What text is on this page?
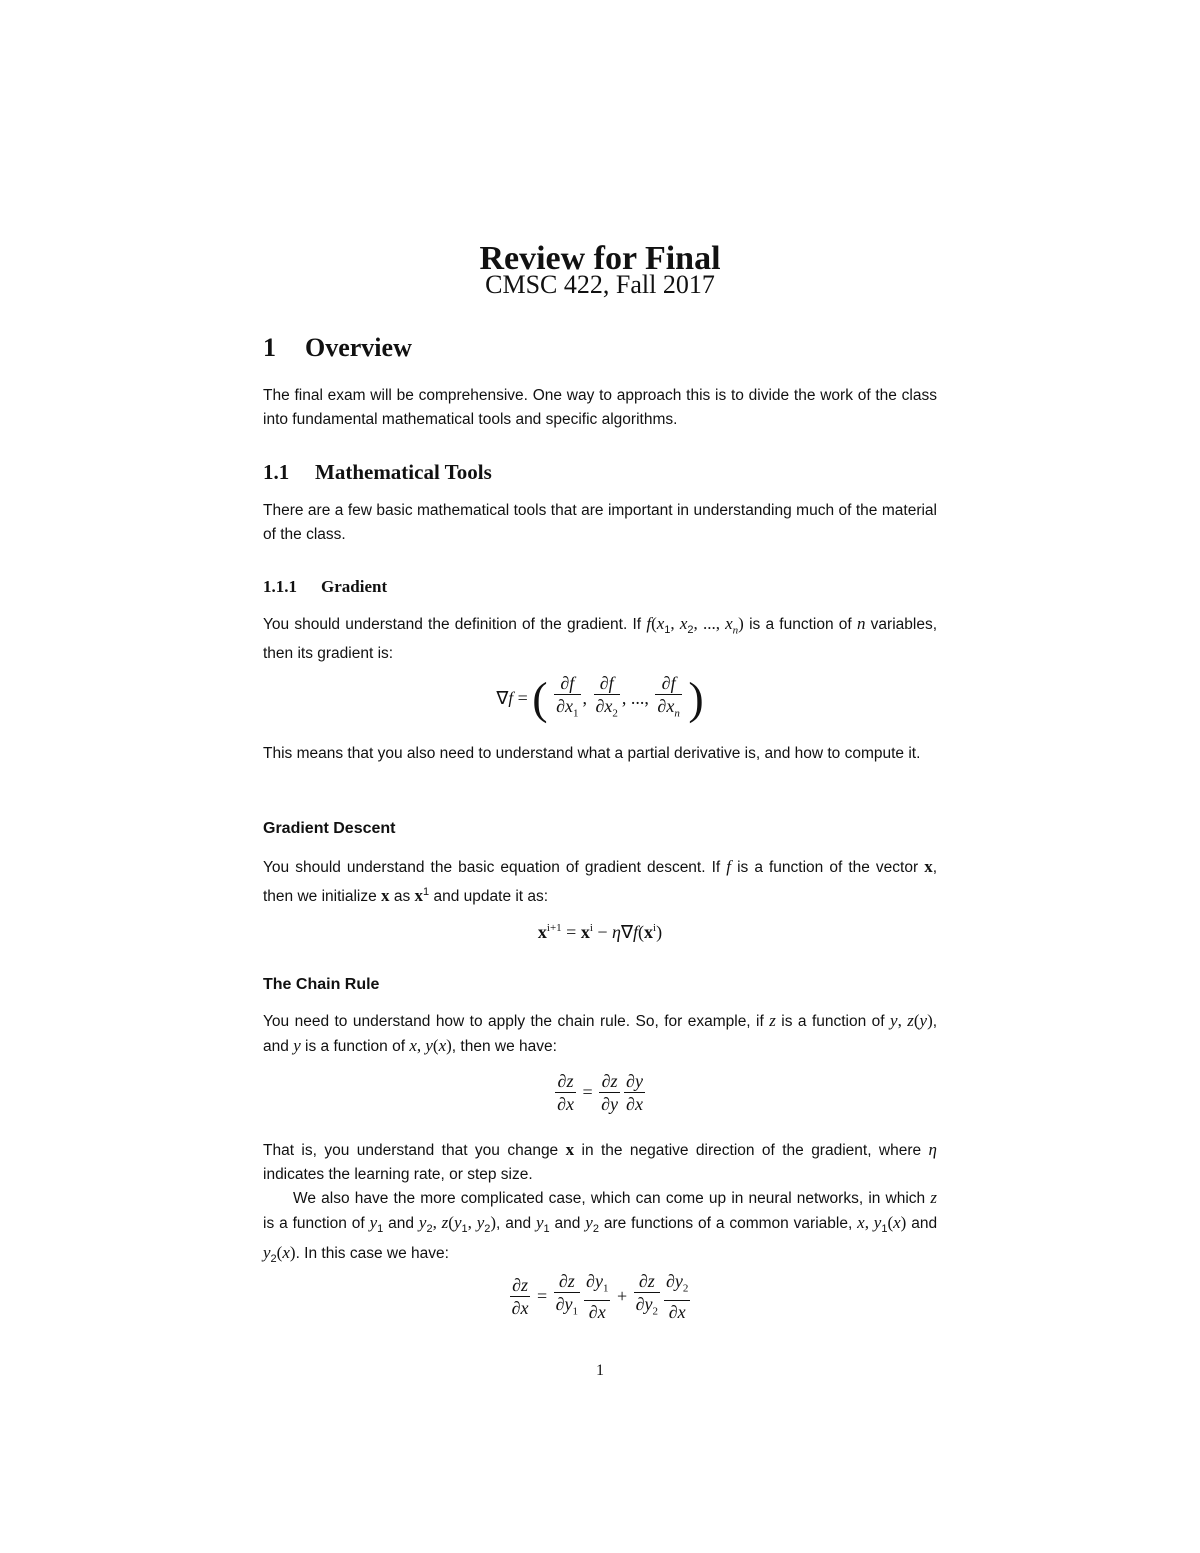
Review for Final
CMSC 422, Fall 2017
1 Overview
The final exam will be comprehensive. One way to approach this is to divide the work of the class into fundamental mathematical tools and specific algorithms.
1.1 Mathematical Tools
There are a few basic mathematical tools that are important in understanding much of the material of the class.
1.1.1 Gradient
You should understand the definition of the gradient. If $f(x_1$, $x_2$, ..., $x_n$) is a function of n variables, then its gradient is:
∇f = ( $\frac{\partial f}{\partial x_1}$ , $\frac{\partial f}{\partial x_2}$ , ..., $\frac{\partial f}{\partial x_n}$ )
This means that you also need to understand what a partial derivative is, and how to compute it.
Gradient Descent
You should understand the basic equation of gradient descent. If f is a function of the vector x, then we initialize x as $x^1$ and update it as:
$x^{i+1} = x^i - \eta\nabla f(x^i)$
The Chain Rule
You need to understand how to apply the chain rule. So, for example, if z is a function of y, z(y), and y is a function of x, y(x), then we have:
$\frac{\partial z}{\partial x} = \frac{\partial z}{\partial y} \frac{\partial y}{\partial x}$
That is, you understand that you change x in the negative direction of the gradient, where η indicates the learning rate, or step size.
We also have the more complicated case, which can come up in neural networks, in which z is a function of $y_1$ and $y_2$, $z(y_1$, $y_2$), and $y_1$ and $y_2$ are functions of a common variable, x, $y_1(x)$ and $y_2(x)$. In this case we have:
$\frac{\partial z}{\partial x} = \frac{\partial z}{\partial y_1} \frac{\partial y_1}{\partial x} + \frac{\partial z}{\partial y_2} \frac{\partial y_2}{\partial x}$
1
